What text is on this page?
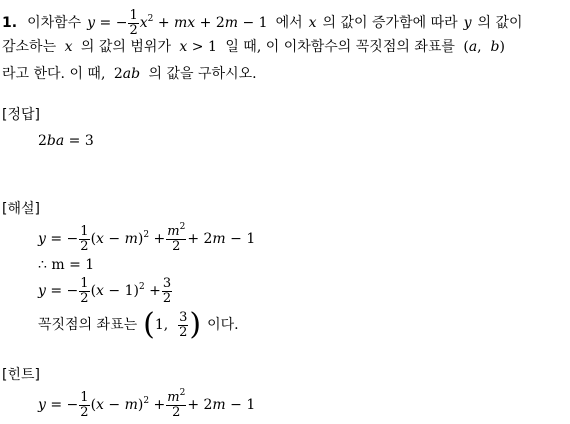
1. 이차함수 y = − $\frac{1}{2} x^2$ + mx + 2m − 1 에서 x 의 값이 증가함에 따라 y 의 값이
감소하는 x 의 값의 범위가 x > 1 일 때, 이 이차함수의 꼭짓점의 좌표를 (a,  b)
라고 한다. 이 때, 2ab 의 값을 구하시오.
[정답]
2ba = 3
[해설]
y = − $\frac{1}{2} (x - m)^2 + \frac{m^2}{2} + 2m - 1$
∴ m = 1
y = − $\frac{1}{2} (x - 1)^2 + \frac{3}{2}$
꼭짓점의 좌표는 ( 1, $\frac{3}{2}$ ) 이다.
[힌트]
y = − $\frac{1}{2} (x - m)^2 + \frac{m^2}{2} + 2m - 1$
